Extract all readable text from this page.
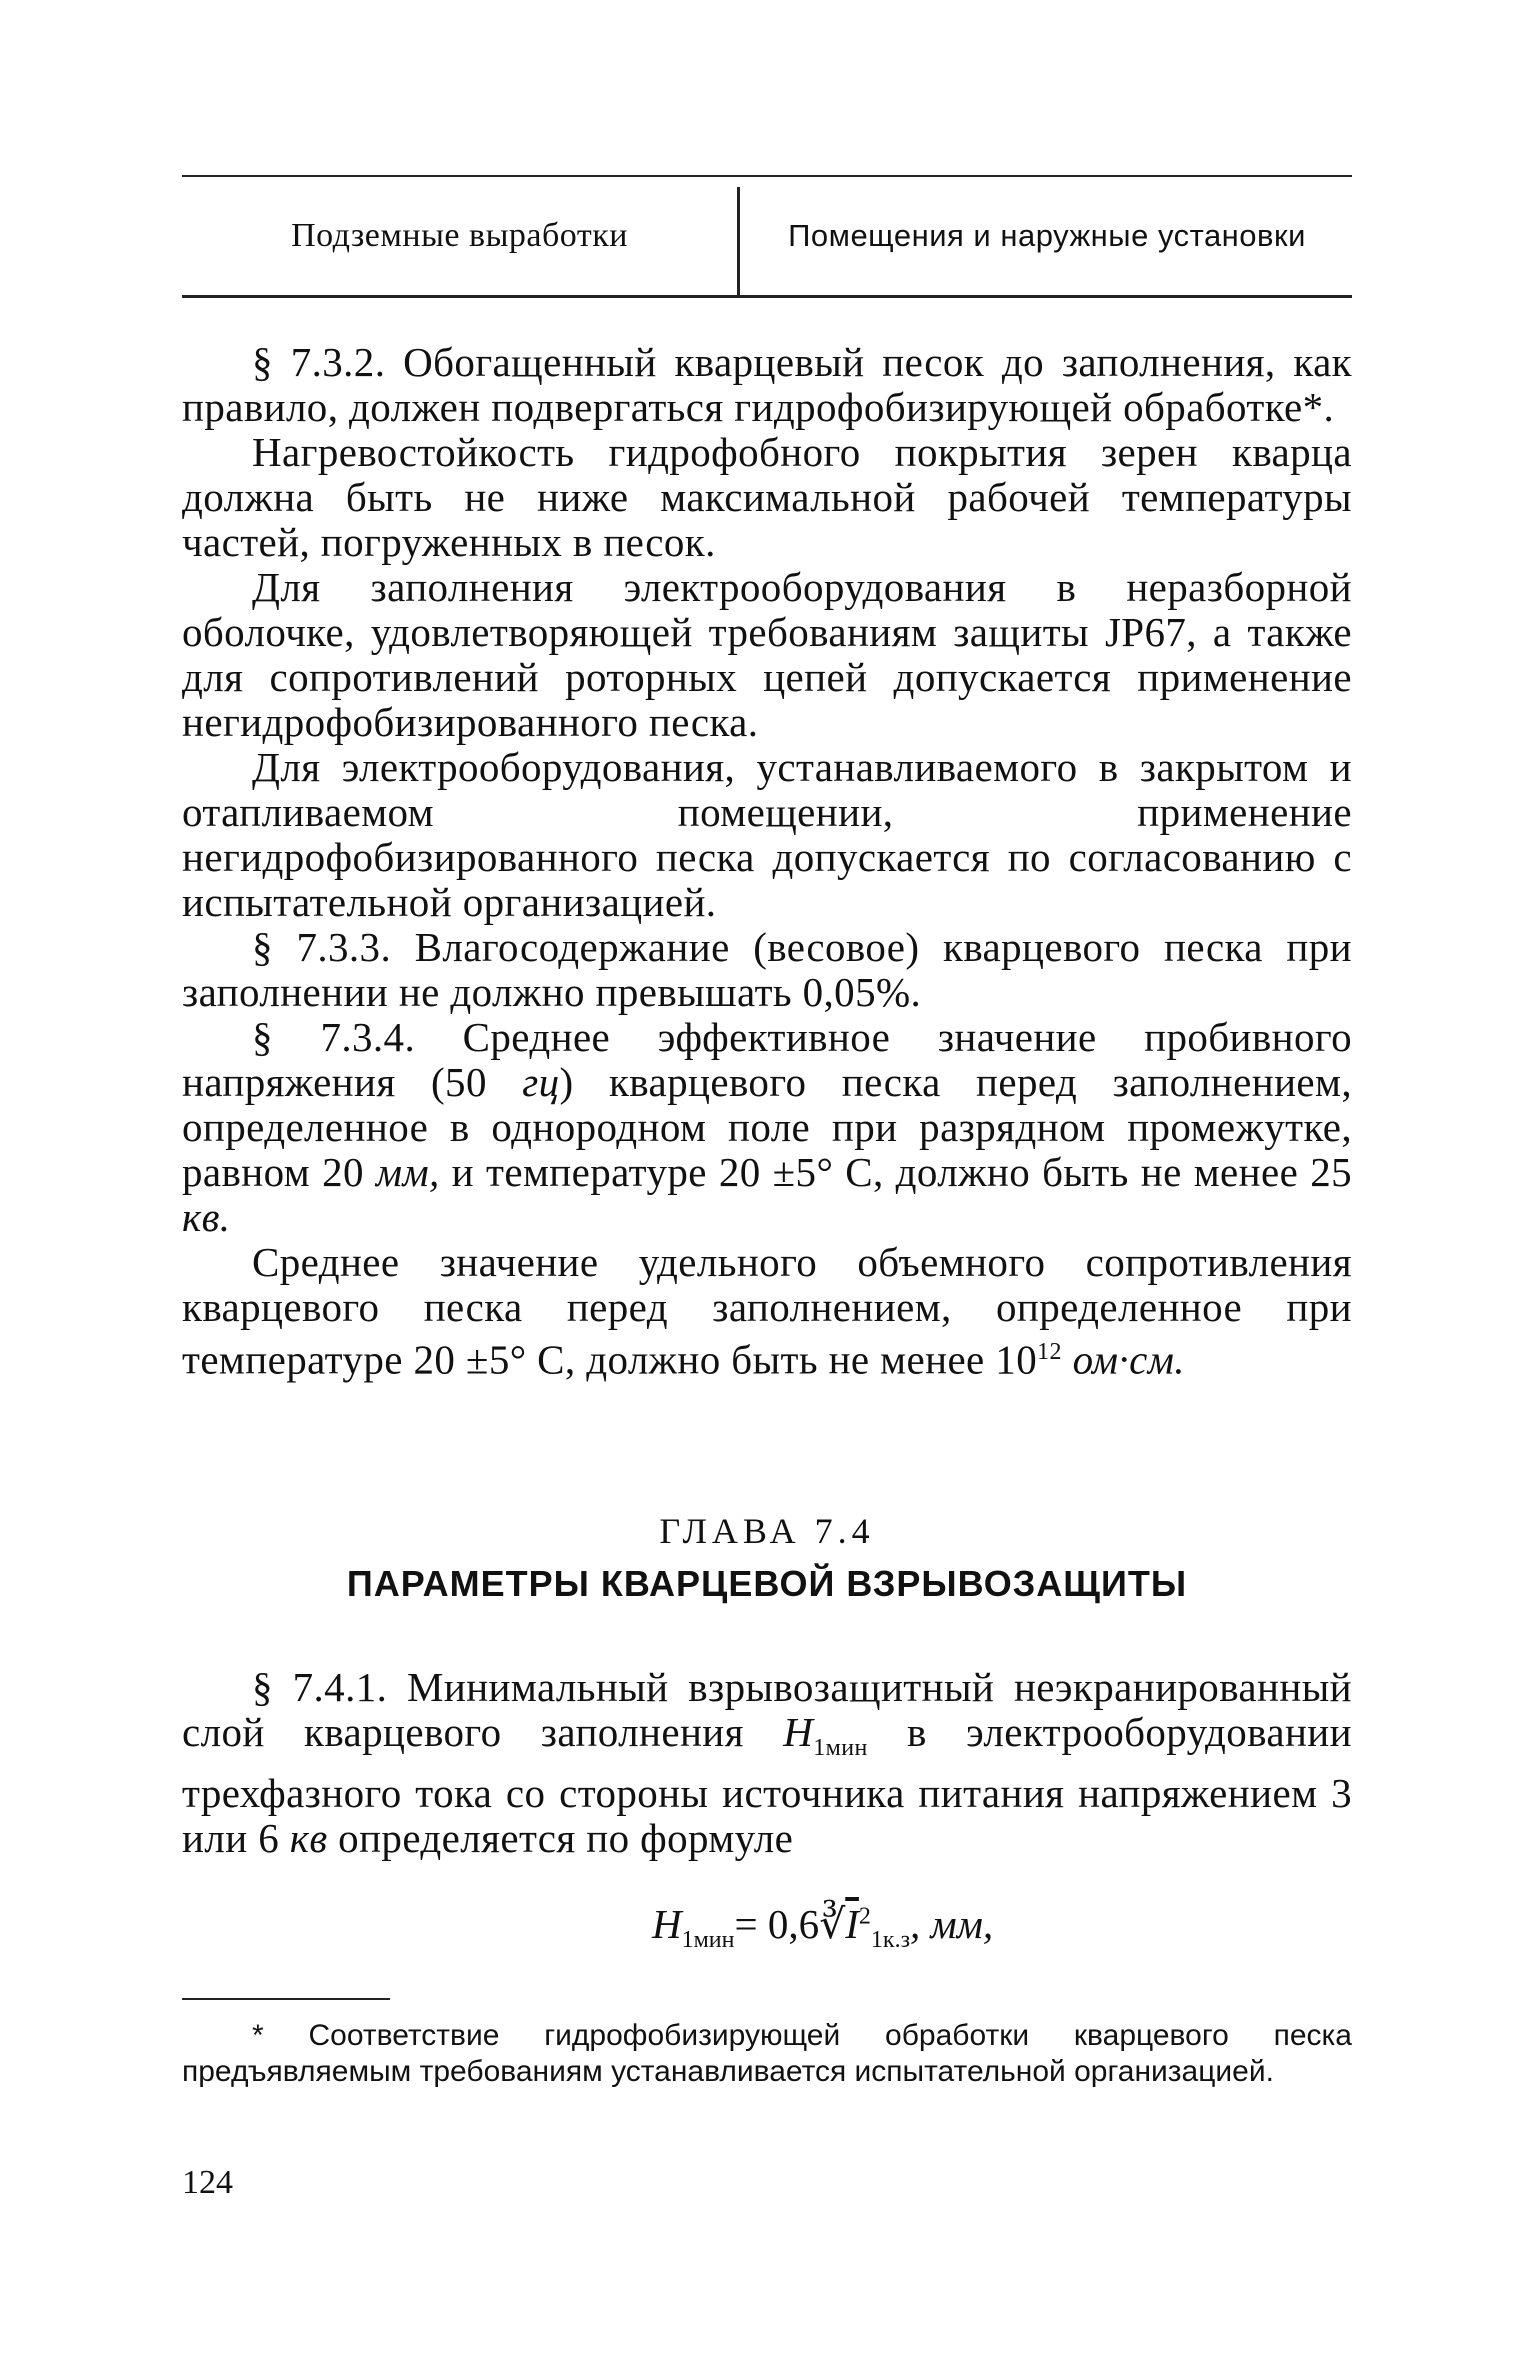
Подземные выработки	Помещения и наружные установки

§ 7.3.2. Обогащенный кварцевый песок до заполнения, как правило, должен подвергаться гидрофобизирующей обработке*.

Нагревостойкость гидрофобного покрытия зерен кварца должна быть не ниже максимальной рабочей температуры частей, погруженных в песок.

Для заполнения электрооборудования в неразборной оболочке, удовлетворяющей требованиям защиты JP67, а также для сопротивлений роторных цепей допускается применение негидрофобизированного песка.

Для электрооборудования, устанавливаемого в закрытом и отапливаемом помещении, применение негидрофобизированного песка допускается по согласованию с испытательной организацией.

§ 7.3.3. Влагосодержание (весовое) кварцевого песка при заполнении не должно превышать 0,05%.

§ 7.3.4. Среднее эффективное значение пробивного напряжения (50 гц) кварцевого песка перед заполнением, определенное в однородном поле при разрядном промежутке, равном 20 мм, и температуре 20 ±5° С, должно быть не менее 25 кв.

Среднее значение удельного объемного сопротивления кварцевого песка перед заполнением, определенное при температуре 20 ±5° С, должно быть не менее $10^{12}$ ом·см.

ГЛАВА 7.4
ПАРАМЕТРЫ КВАРЦЕВОЙ ВЗРЫВОЗАЩИТЫ

§ 7.4.1. Минимальный взрывозащитный неэкранированный слой кварцевого заполнения $H_{1мин}$ в электрооборудовании трехфазного тока со стороны источника питания напряжением 3 или 6 кв определяется по формуле

$H_{1мин}=$ $0,6∛\overline{I}^2_{1к.з}$, мм,
* Соответствие гидрофобизирующей обработки кварцевого песка предъявляемым требованиям устанавливается испытательной организацией.
124
